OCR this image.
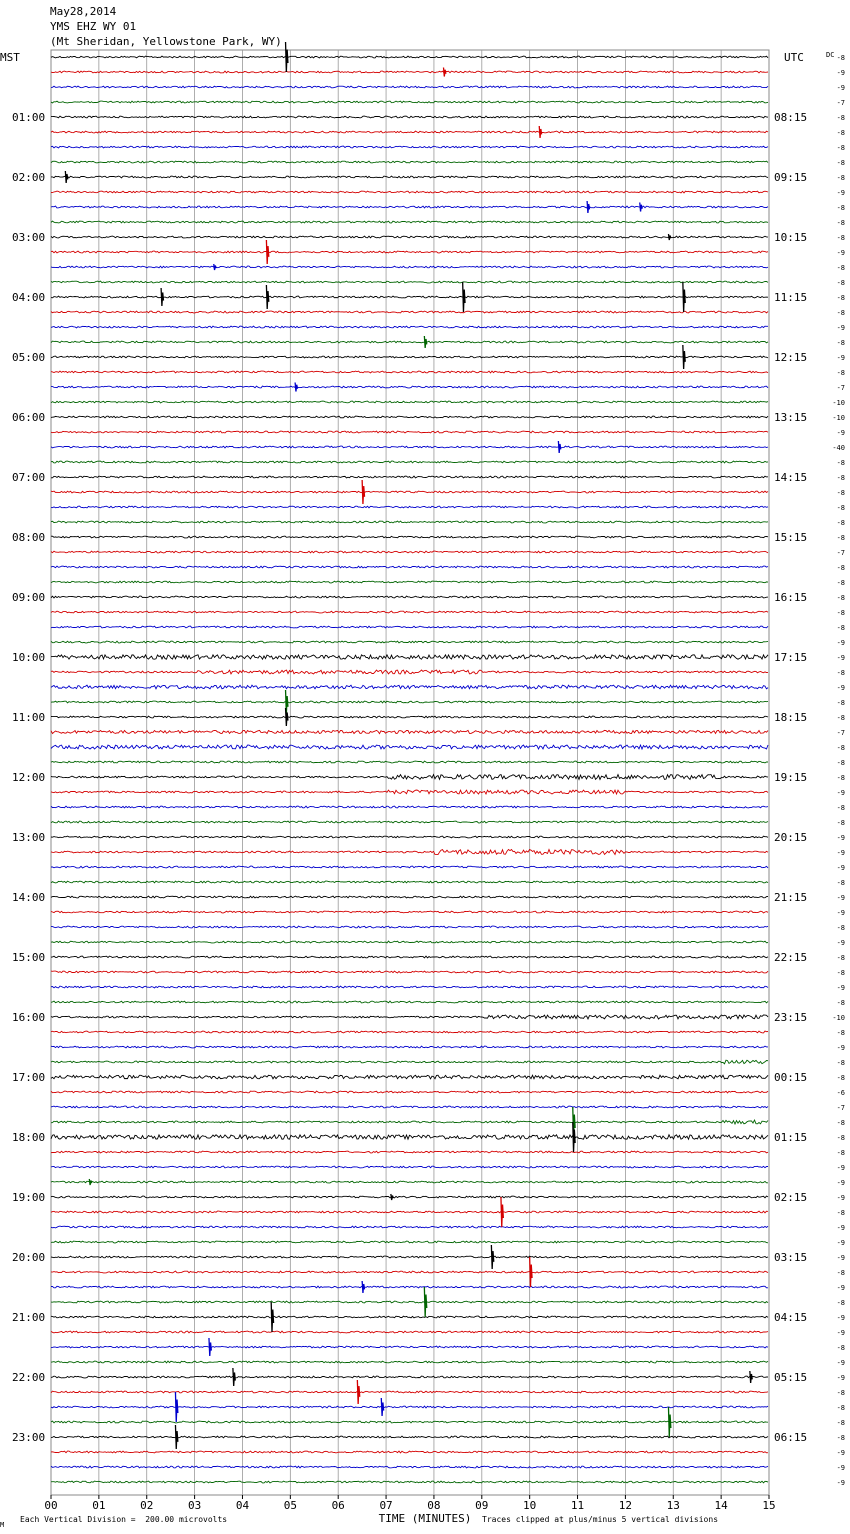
May28,2014
YMS EHZ WY 01
(Mt Sheridan, Yellowstone Park, WY)
MST	UTC	DC
TIME (MINUTES)
00	01	02	03	04	05	06	07	08	09	10	11	12	13	14	15
01:00
02:00
03:00
04:00
05:00
06:00
07:00
08:00
09:00
10:00
11:00
12:00
13:00
14:00
15:00
16:00
17:00
18:00
19:00
20:00
21:00
22:00
23:00
08:15
09:15
10:15
11:15
12:15
13:15
14:15
15:15
16:15
17:15
18:15
19:15
20:15
21:15
22:15
23:15
00:15
01:15
02:15
03:15
04:15
05:15
06:15
-8
-9
-9
-7
-8
-8
-8
-8
-8
-9
-8
-8
-8
-9
-8
-8
-8
-8
-9
-8
-9
-8
-7
-10
-10
-9
-40
-8
-8
-8
-8
-8
-8
-7
-8
-8
-8
-8
-8
-9
-9
-8
-9
-8
-8
-7
-8
-8
-8
-9
-8
-8
-9
-9
-9
-8
-9
-9
-8
-9
-8
-8
-9
-8
-10
-8
-9
-8
-8
-6
-7
-8
-8
-8
-9
-9
-9
-8
-9
-9
-9
-8
-9
-8
-9
-9
-8
-9
-9
-8
-8
-8
-8
-9
-9
-9
M
Each Vertical Division =  200.00 microvolts	Traces clipped at plus/minus 5 vertical divisions
